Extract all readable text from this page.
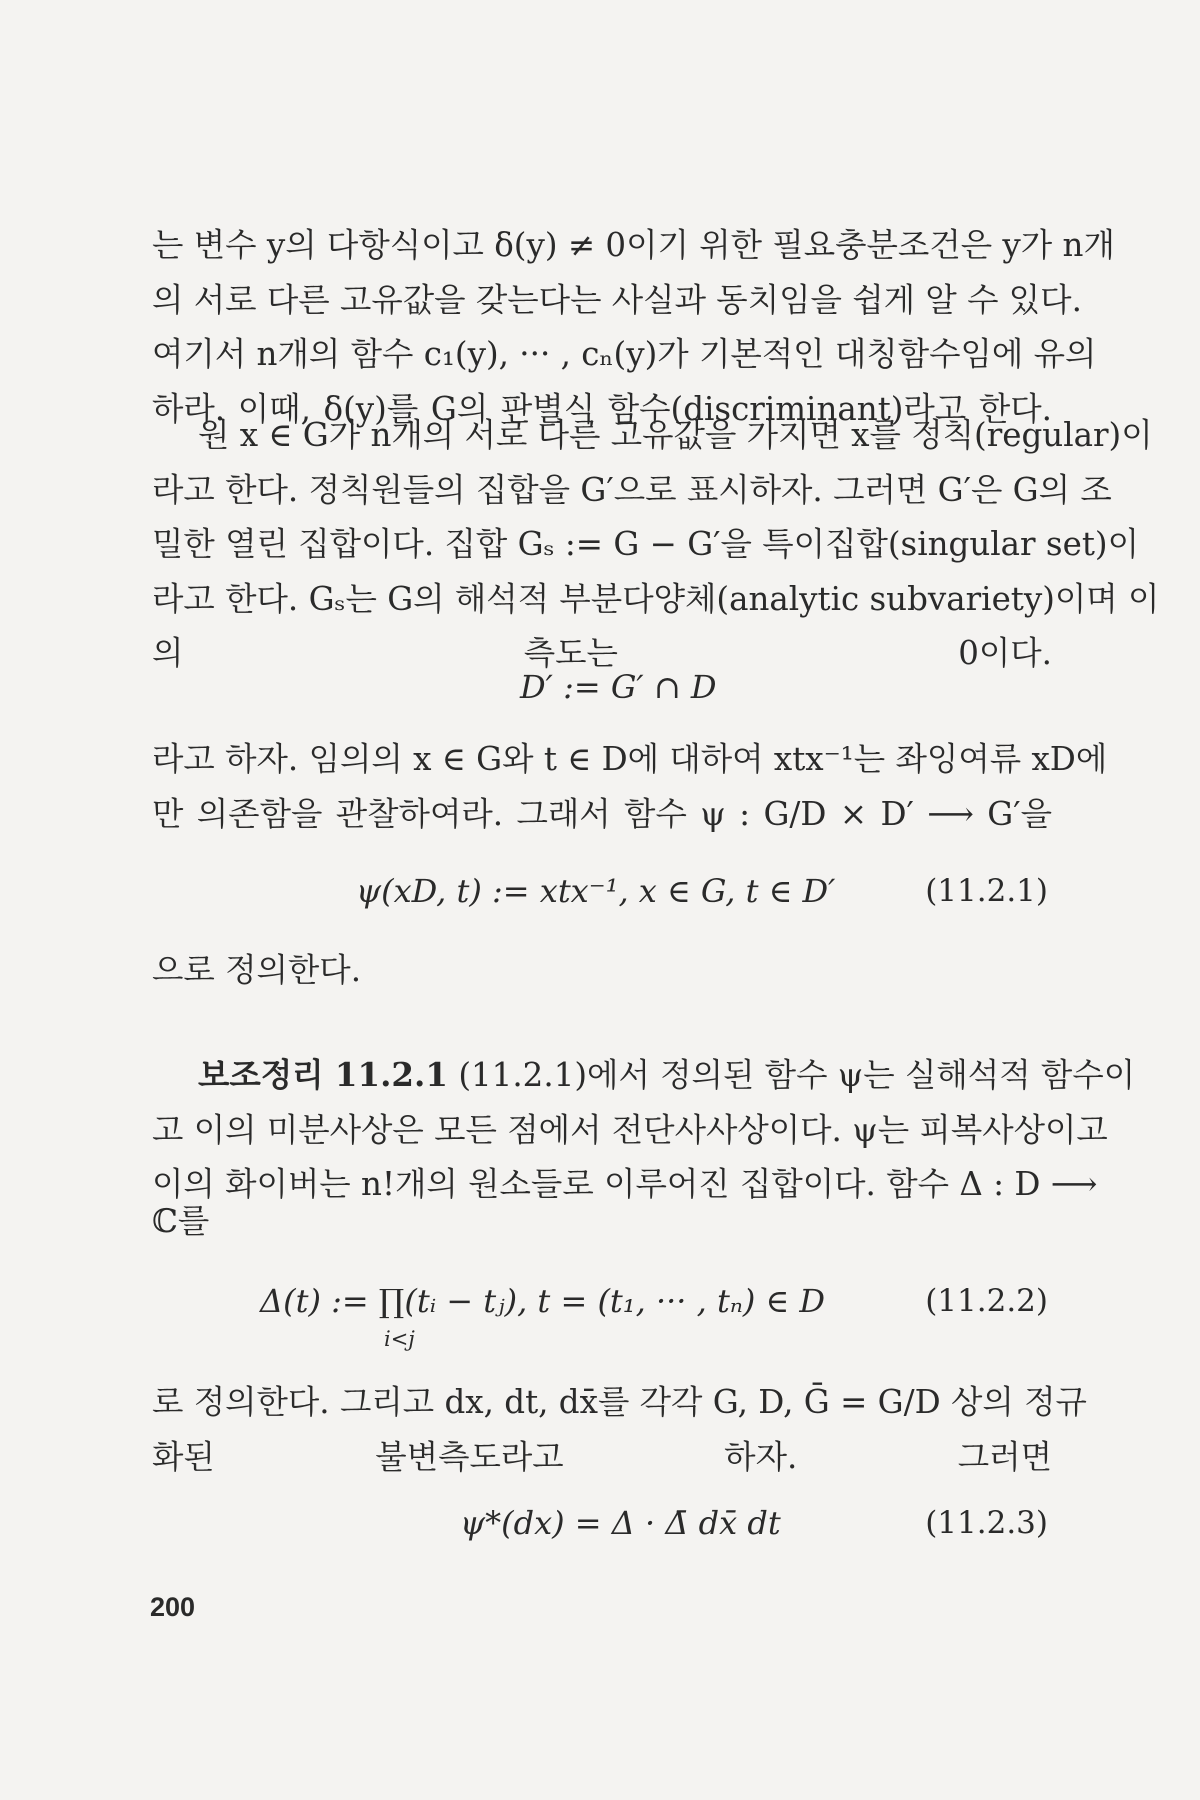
는 변수 y의 다항식이고 δ(y) ≠ 0이기 위한 필요충분조건은 y가 n개
의 서로 다른 고유값을 갖는다는 사실과 동치임을 쉽게 알 수 있다.
여기서 n개의 함수 c₁(y), ··· , cₙ(y)가 기본적인 대칭함수임에 유의
하라. 이때, δ(y)를 G의 판별식 함수(discriminant)라고 한다.

원 x ∈ G가 n개의 서로 다른 고유값을 가지면 x를 정칙(regular)이
라고 한다. 정칙원들의 집합을 G′으로 표시하자. 그러면 G′은 G의 조
밀한 열린 집합이다. 집합 Gₛ := G − G′을 특이집합(singular set)이
라고 한다. Gₛ는 G의 해석적 부분다양체(analytic subvariety)이며 이
의 측도는 0이다.

D′ := G′ ∩ D

라고 하자. 임의의 x ∈ G와 t ∈ D에 대하여 xtx⁻¹는 좌잉여류 xD에
만 의존함을 관찰하여라. 그래서 함수 ψ : G/D × D′ ⟶ G′을

ψ(xD, t) := xtx⁻¹, x ∈ G, t ∈ D′	(11.2.1)

으로 정의한다.

보조정리 11.2.1 (11.2.1)에서 정의된 함수 ψ는 실해석적 함수이
고 이의 미분사상은 모든 점에서 전단사사상이다. ψ는 피복사상이고
이의 화이버는 n!개의 원소들로 이루어진 집합이다. 함수 Δ : D ⟶

ℂ를

Δ(t) := ∏(tᵢ − tⱼ), t = (t₁, ··· , tₙ) ∈ D
i<j
(11.2.2)

로 정의한다. 그리고 dx, dt, dx̄를 각각 G, D, Ḡ = G/D 상의 정규
화된 불변측도라고 하자. 그러면

ψ*(dx) = Δ · Δ̄ dx̄ dt	(11.2.3)
200
